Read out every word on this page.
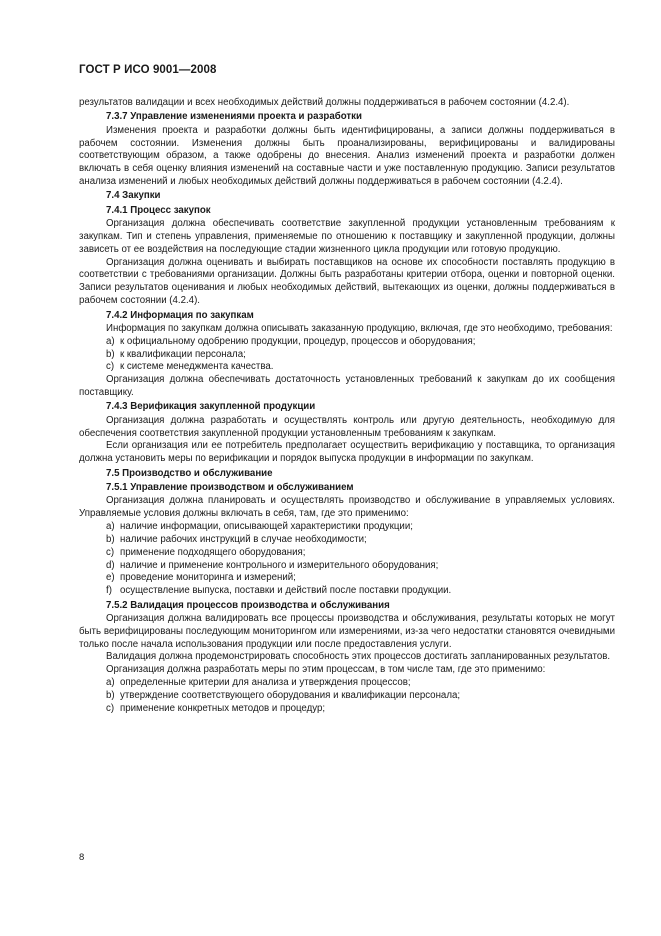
ГОСТ Р ИСО 9001—2008

результатов валидации и всех необходимых действий должны поддерживаться в рабочем состоянии (4.2.4).

7.3.7 Управление изменениями проекта и разработки

Изменения проекта и разработки должны быть идентифицированы, а записи должны поддерживаться в рабочем состоянии. Изменения должны быть проанализированы, верифицированы и валидированы соответствующим образом, а также одобрены до внесения. Анализ изменений проекта и разработки должен включать в себя оценку влияния изменений на составные части и уже поставленную продукцию. Записи результатов анализа изменений и любых необходимых действий должны поддерживаться в рабочем состоянии (4.2.4).

7.4 Закупки

7.4.1 Процесс закупок

Организация должна обеспечивать соответствие закупленной продукции установленным требованиям к закупкам. Тип и степень управления, применяемые по отношению к поставщику и закупленной продукции, должны зависеть от ее воздействия на последующие стадии жизненного цикла продукции или готовую продукцию.

Организация должна оценивать и выбирать поставщиков на основе их способности поставлять продукцию в соответствии с требованиями организации. Должны быть разработаны критерии отбора, оценки и повторной оценки. Записи результатов оценивания и любых необходимых действий, вытекающих из оценки, должны поддерживаться в рабочем состоянии (4.2.4).

7.4.2 Информация по закупкам

Информация по закупкам должна описывать заказанную продукцию, включая, где это необходимо, требования:

a) к официальному одобрению продукции, процедур, процессов и оборудования;

b) к квалификации персонала;

c) к системе менеджмента качества.

Организация должна обеспечивать достаточность установленных требований к закупкам до их сообщения поставщику.

7.4.3 Верификация закупленной продукции

Организация должна разработать и осуществлять контроль или другую деятельность, необходимую для обеспечения соответствия закупленной продукции установленным требованиям к закупкам.

Если организация или ее потребитель предполагает осуществить верификацию у поставщика, то организация должна установить меры по верификации и порядок выпуска продукции в информации по закупкам.

7.5 Производство и обслуживание

7.5.1 Управление производством и обслуживанием

Организация должна планировать и осуществлять производство и обслуживание в управляемых условиях. Управляемые условия должны включать в себя, там, где это применимо:

a) наличие информации, описывающей характеристики продукции;

b) наличие рабочих инструкций в случае необходимости;

c) применение подходящего оборудования;

d) наличие и применение контрольного и измерительного оборудования;

e) проведение мониторинга и измерений;

f) осуществление выпуска, поставки и действий после поставки продукции.

7.5.2 Валидация процессов производства и обслуживания

Организация должна валидировать все процессы производства и обслуживания, результаты которых не могут быть верифицированы последующим мониторингом или измерениями, из-за чего недостатки становятся очевидными только после начала использования продукции или после предоставления услуги.

Валидация должна продемонстрировать способность этих процессов достигать запланированных результатов.

Организация должна разработать меры по этим процессам, в том числе там, где это применимо:

a) определенные критерии для анализа и утверждения процессов;

b) утверждение соответствующего оборудования и квалификации персонала;

c) применение конкретных методов и процедур;

8
